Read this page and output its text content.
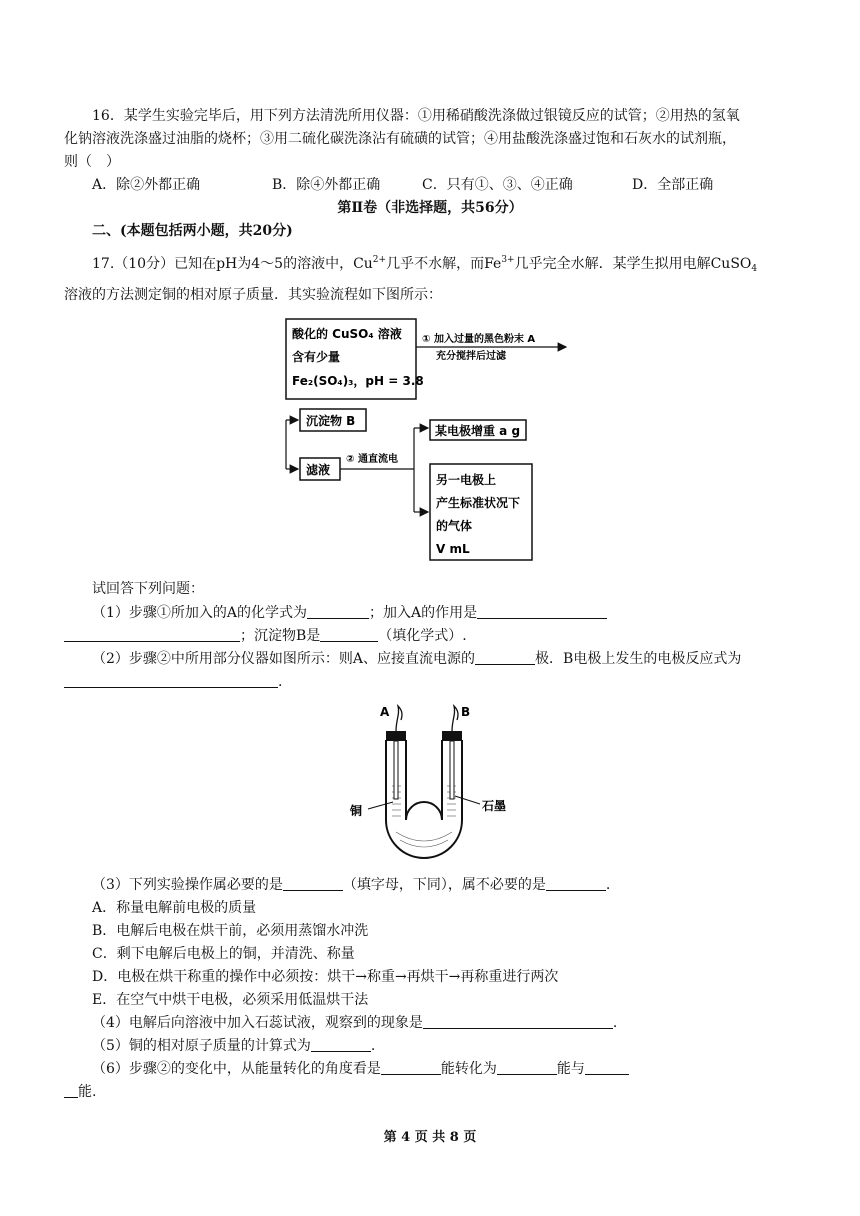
16．某学生实验完毕后，用下列方法清洗所用仪器：①用稀硝酸洗涤做过银镜反应的试管；②用热的氢氧
化钠溶液洗涤盛过油脂的烧杯；③用二硫化碳洗涤沾有硫磺的试管；④用盐酸洗涤盛过饱和石灰水的试剂瓶，
则（　）
A．除②外都正确	B．除④外都正确	C．只有①、③、④正确	D．全部正确
第Ⅱ卷（非选择题，共56分）
二、(本题包括两小题，共20分)
17.（10分）已知在pH为4～5的溶液中，$Cu^{2+}$几乎不水解，而$Fe^{3+}$几乎完全水解．某学生拟用电解CuSO$_4$
溶液的方法测定铜的相对原子质量．其实验流程如下图所示：
酸化的 CuSO₄ 溶液
含有少量
Fe₂(SO₄)₃，pH = 3.8
① 加入过量的黑色粉末 A
充分搅拌后过滤
沉淀物 B
滤液
② 通直流电
某电极增重 a g
另一电极上
产生标准状况下
的气体
V mL
试回答下列问题：
（1）步骤①所加入的A的化学式为	；加入A的作用是
；沉淀物B是	（填化学式）.
（2）步骤②中所用部分仪器如图所示：则A、应接直流电源的	极．B电极上发生的电极反应式为
.
A	B
铜	石墨
（3）下列实验操作属必要的是	（填字母，下同），属不必要的是	.
A．称量电解前电极的质量
B．电解后电极在烘干前，必须用蒸馏水冲洗
C．剩下电解后电极上的铜，并清洗、称量
D．电极在烘干称重的操作中必须按：烘干→称重→再烘干→再称重进行两次
E．在空气中烘干电极，必须采用低温烘干法
（4）电解后向溶液中加入石蕊试液，观察到的现象是	.
（5）铜的相对原子质量的计算式为	.
（6）步骤②的变化中，从能量转化的角度看是	能转化为	能与
能.
第 4 页 共 8 页
